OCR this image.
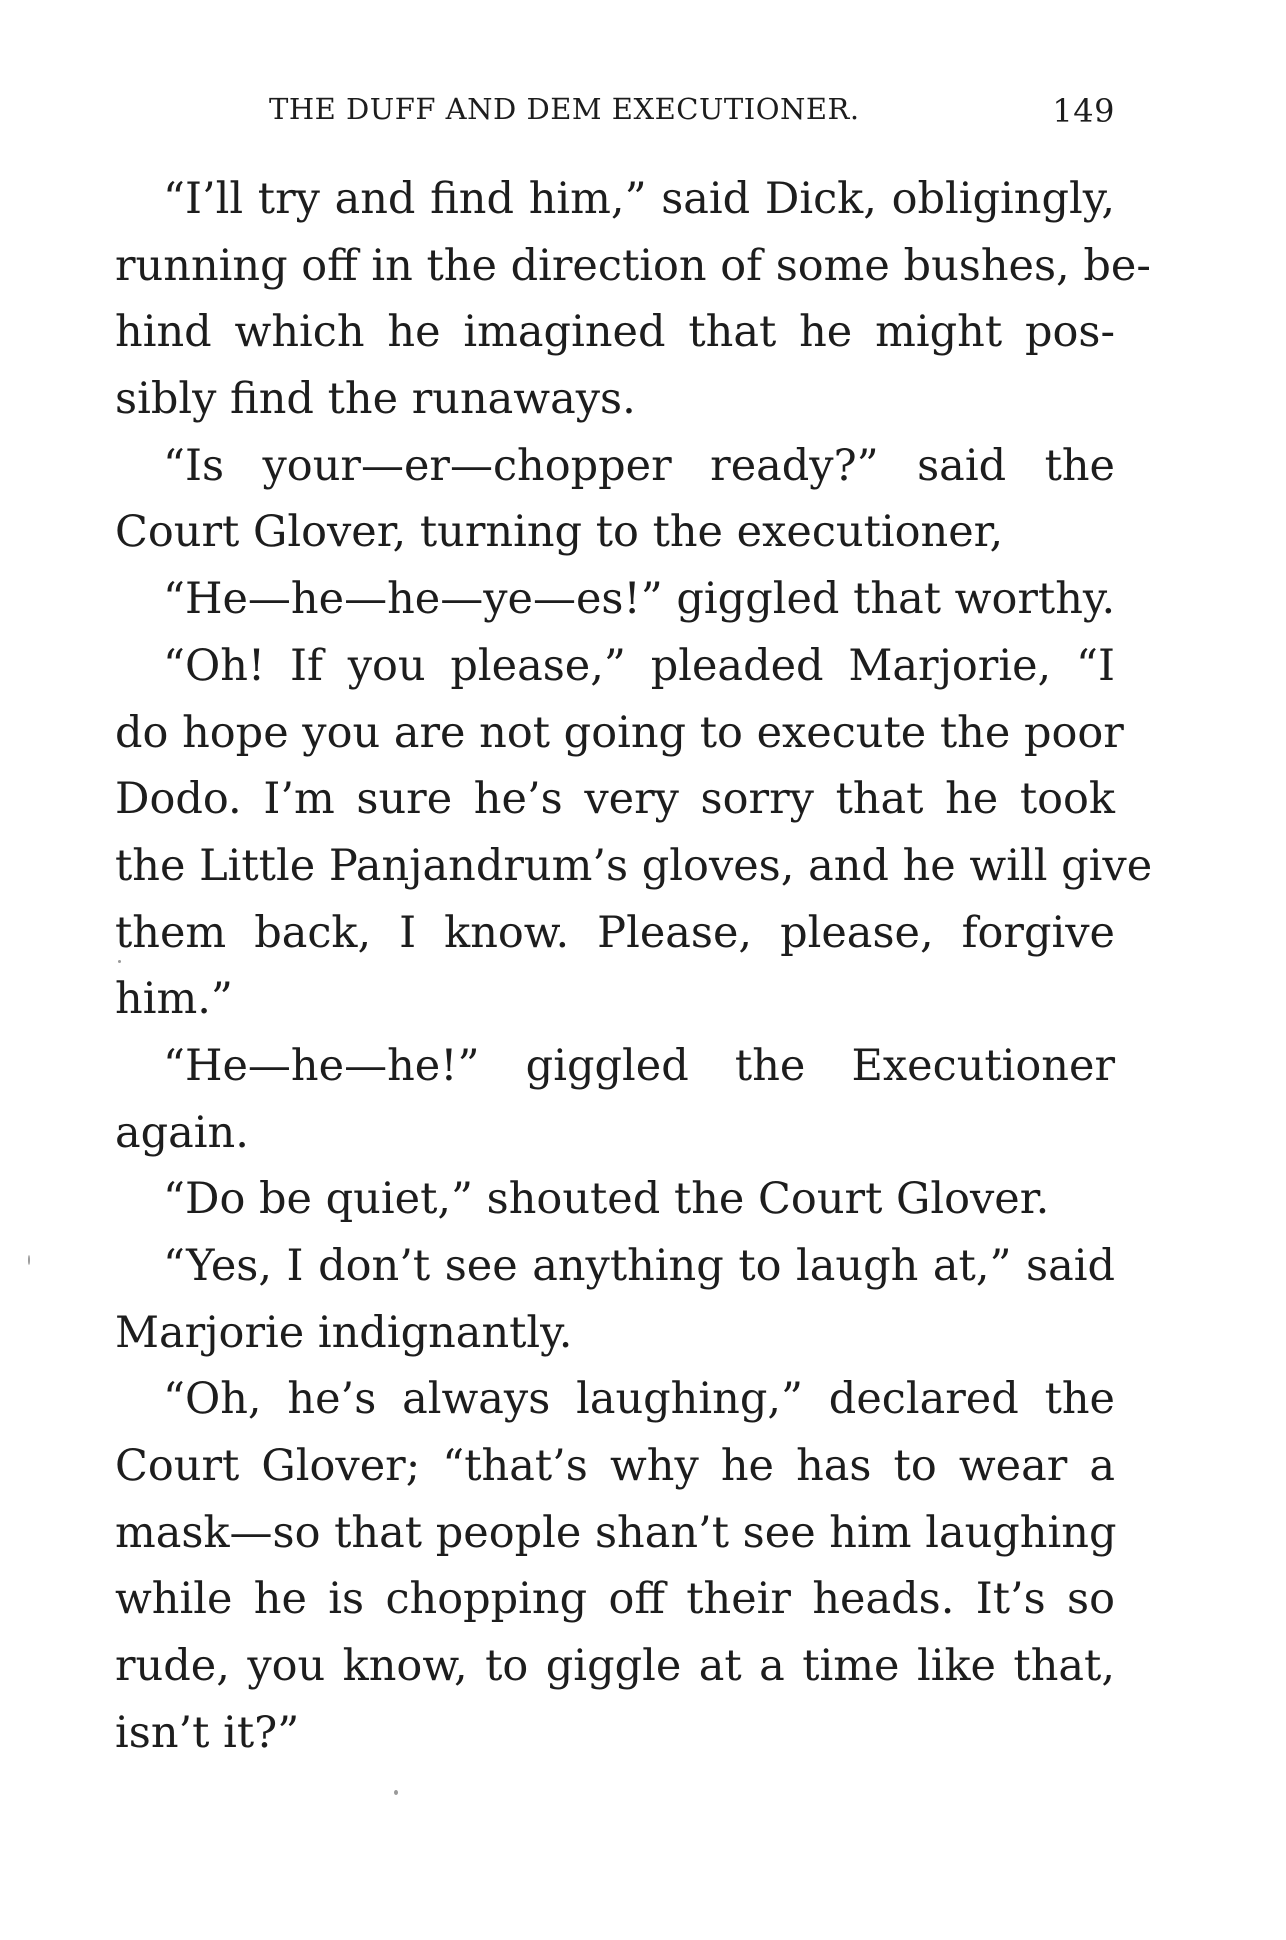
THE DUFF AND DEM EXECUTIONER.	149
“I’ll try and find him,” said Dick, obligingly,
running off in the direction of some bushes, be-
hind which he imagined that he might pos-
sibly find the runaways.
“Is your—er—chopper ready?” said the
Court Glover, turning to the executioner,
“He—he—he—ye—es!” giggled that worthy.
“Oh! If you please,” pleaded Marjorie, “I
do hope you are not going to execute the poor
Dodo. I’m sure he’s very sorry that he took
the Little Panjandrum’s gloves, and he will give
them back, I know. Please, please, forgive
him.”
“He—he—he!” giggled the Executioner
again.
“Do be quiet,” shouted the Court Glover.
“Yes, I don’t see anything to laugh at,” said
Marjorie indignantly.
“Oh, he’s always laughing,” declared the
Court Glover; “that’s why he has to wear a
mask—so that people shan’t see him laughing
while he is chopping off their heads. It’s so
rude, you know, to giggle at a time like that,
isn’t it?”
